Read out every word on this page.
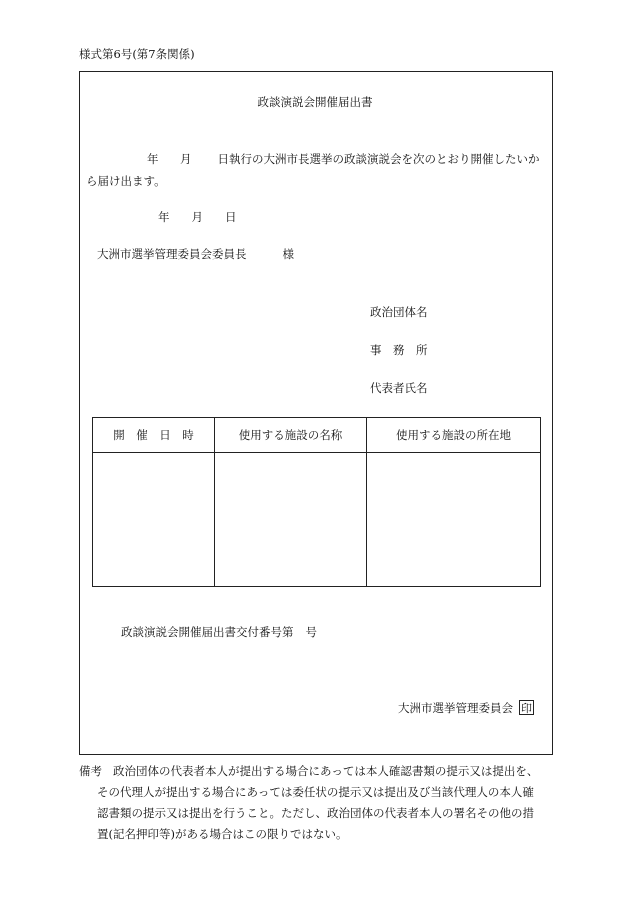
様式第6号(第7条関係)
政談演説会開催届出書
年 月 日執行の大洲市長選挙の政談演説会を次のとおり開催したいか
ら届け出ます。
年 月 日
大洲市選挙管理委員会委員長	様
政治団体名
事　務　所
代表者氏名
開　催　日　時	使用する施設の名称	使用する施設の所在地

政談演説会開催届出書交付番号第 号
大洲市選挙管理委員会 印
備考 政治団体の代表者本人が提出する場合にあっては本人確認書類の提示又は提出を、
その代理人が提出する場合にあっては委任状の提示又は提出及び当該代理人の本人確
認書類の提示又は提出を行うこと。ただし、政治団体の代表者本人の署名その他の措
置(記名押印等)がある場合はこの限りではない。
